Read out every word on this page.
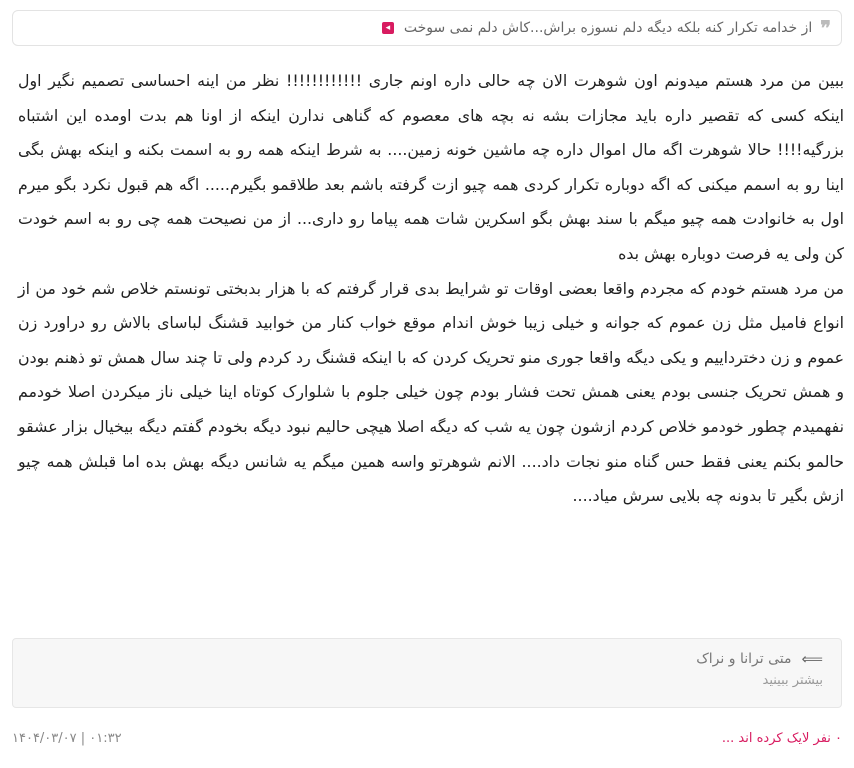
❞
از خدامه تکرار کنه بلکه دیگه دلم نسوزه براش...کاش دلم نمی سوخت
◂

ببین من مرد هستم میدونم اون شوهرت الان چه حالی داره اونم جاری !!!!!!!!!!!! نظر من اینه احساسی تصمیم نگیر اول اینکه کسی که تقصیر داره باید مجازات بشه نه بچه های معصوم که گناهی ندارن اینکه از اونا هم بدت اومده این اشتباه بزرگیه!!!! حالا شوهرت اگه مال اموال داره چه ماشین خونه زمین.... به شرط اینکه همه رو به اسمت بکنه و اینکه بهش بگی اینا رو به اسمم میکنی که اگه دوباره تکرار کردی همه چیو ازت گرفته باشم بعد طلاقمو بگیرم..... اگه هم قبول نکرد بگو میرم اول به خانوادت همه چیو میگم با سند بهش بگو اسکرین شات همه پیاما رو داری... از من نصیحت همه چی رو به اسم خودت کن ولی یه فرصت دوباره بهش بده

من مرد هستم خودم که مجردم واقعا بعضی اوقات تو شرایط بدی قرار گرفتم که با هزار بدبختی تونستم خلاص شم خود من از انواع فامیل مثل زن عموم که جوانه و خیلی زیبا خوش اندام موقع خواب کنار من خوابید قشنگ لباسای بالاش رو دراورد زن عموم و زن دخترداییم و یکی دیگه واقعا جوری منو تحریک کردن که با اینکه قشنگ رد کردم ولی تا چند سال همش تو ذهنم بودن و همش تحریک جنسی بودم یعنی همش تحت فشار بودم چون خیلی جلوم با شلوارک کوتاه اینا خیلی ناز میکردن اصلا خودمم نفهمیدم چطور خودمو خلاص کردم ازشون چون یه شب که دیگه اصلا هیچی حالیم نبود دیگه بخودم گفتم دیگه بیخیال بزار عشقو حالمو بکنم یعنی فقط حس گناه منو نجات داد.... الانم شوهرتو واسه همین میگم یه شانس دیگه بهش بده اما قبلش همه چیو ازش بگیر تا بدونه چه بلایی سرش میاد....

⟸
متی ترانا و نراک
بیشتر ببینید
۰ نفر لایک کرده اند ...
۱۴۰۴/۰۳/۰۷ | ۰۱:۳۲
